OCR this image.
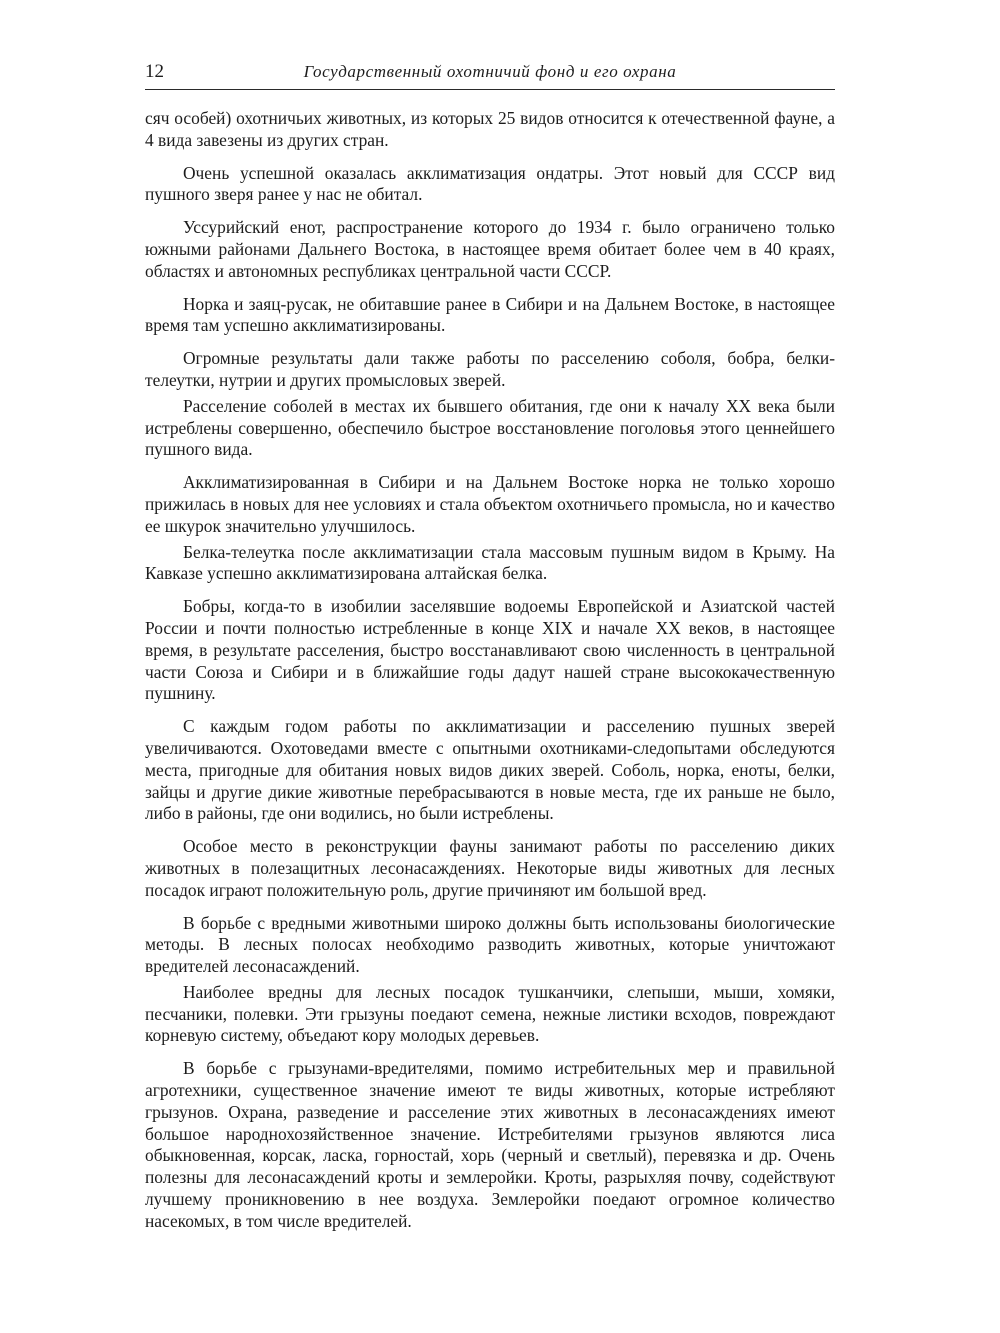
12	Государственный охотничий фонд и его охрана

сяч особей) охотничьих животных, из которых 25 видов относится к отечественной фауне, а 4 вида завезены из других стран.

Очень успешной оказалась акклиматизация ондатры. Этот новый для СССР вид пушного зверя ранее у нас не обитал.

Уссурийский енот, распространение которого до 1934 г. было ограничено только южными районами Дальнего Востока, в настоящее время обитает более чем в 40 краях, областях и автономных республиках центральной части СССР.

Норка и заяц-русак, не обитавшие ранее в Сибири и на Дальнем Востоке, в настоящее время там успешно акклиматизированы.

Огромные результаты дали также работы по расселению соболя, бобра, белки-телеутки, нутрии и других промысловых зверей.

Расселение соболей в местах их бывшего обитания, где они к началу XX века были истреблены совершенно, обеспечило быстрое восстановление поголовья этого ценнейшего пушного вида.

Акклиматизированная в Сибири и на Дальнем Востоке норка не только хорошо прижилась в новых для нее условиях и стала объектом охотничьего промысла, но и качество ее шкурок значительно улучшилось.

Белка-телеутка после акклиматизации стала массовым пушным видом в Крыму. На Кавказе успешно акклиматизирована алтайская белка.

Бобры, когда-то в изобилии заселявшие водоемы Европейской и Азиатской частей России и почти полностью истребленные в конце XIX и начале XX веков, в настоящее время, в результате расселения, быстро восстанавливают свою численность в центральной части Союза и Сибири и в ближайшие годы дадут нашей стране высококачественную пушнину.

С каждым годом работы по акклиматизации и расселению пушных зверей увеличиваются. Охотоведами вместе с опытными охотниками-следопытами обследуются места, пригодные для обитания новых видов диких зверей. Соболь, норка, еноты, белки, зайцы и другие дикие животные перебрасываются в новые места, где их раньше не было, либо в районы, где они водились, но были истреблены.

Особое место в реконструкции фауны занимают работы по расселению диких животных в полезащитных лесонасаждениях. Некоторые виды животных для лесных посадок играют положительную роль, другие причиняют им большой вред.

В борьбе с вредными животными широко должны быть использованы биологические методы. В лесных полосах необходимо разводить животных, которые уничтожают вредителей лесонасаждений.

Наиболее вредны для лесных посадок тушканчики, слепыши, мыши, хомяки, песчаники, полевки. Эти грызуны поедают семена, нежные листики всходов, повреждают корневую систему, объедают кору молодых деревьев.

В борьбе с грызунами-вредителями, помимо истребительных мер и правильной агротехники, существенное значение имеют те виды животных, которые истребляют грызунов. Охрана, разведение и расселение этих животных в лесонасаждениях имеют большое народнохозяйственное значение. Истребителями грызунов являются лиса обыкновенная, корсак, ласка, горностай, хорь (черный и светлый), перевязка и др. Очень полезны для лесонасаждений кроты и землеройки. Кроты, разрыхляя почву, содействуют лучшему проникновению в нее воздуха. Землеройки поедают огромное количество насекомых, в том числе вредителей.
